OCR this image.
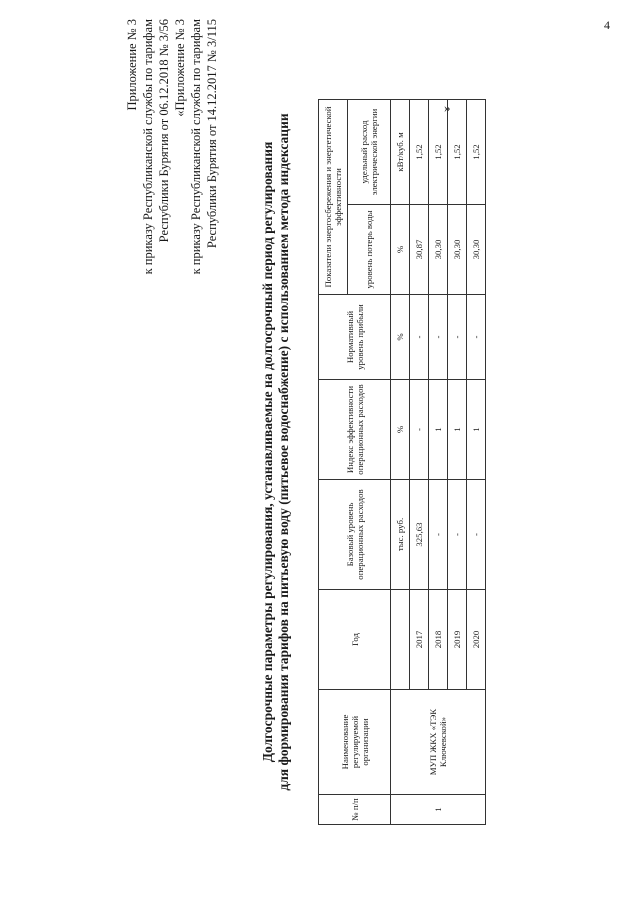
4
»
Приложение № 3 к приказу Республиканской службы по тарифам Республики Бурятия от 06.12.2018 № 3/56 «Приложение № 3 к приказу Республиканской службы по тарифам Республики Бурятия от 14.12.2017 № 3/115
Долгосрочные параметры регулирования, устанавливаемые на долгосрочный период регулирования для формирования тарифов на питьевую воду (питьевое водоснабжение) с использованием метода индексации
№ п/п	Наименование регулируемой организации	Год	Базовый уровень операционных расходов	Индекс эффективности операционных расходов	Нормативный уровень прибыли	Показатели энергосбережения и энергетической эффективности	
						уровень потерь воды	удельный расход электрической энергии
1	МУП ЖКХ «ТЭК Ключевской»		тыс. руб.	%	%	%	кВт/куб. м
		2017	325,63	-	-	30,87	1,52
		2018	-	1	-	30,30	1,52
		2019	-	1	-	30,30	1,52
		2020	-	1	-	30,30	1,52
